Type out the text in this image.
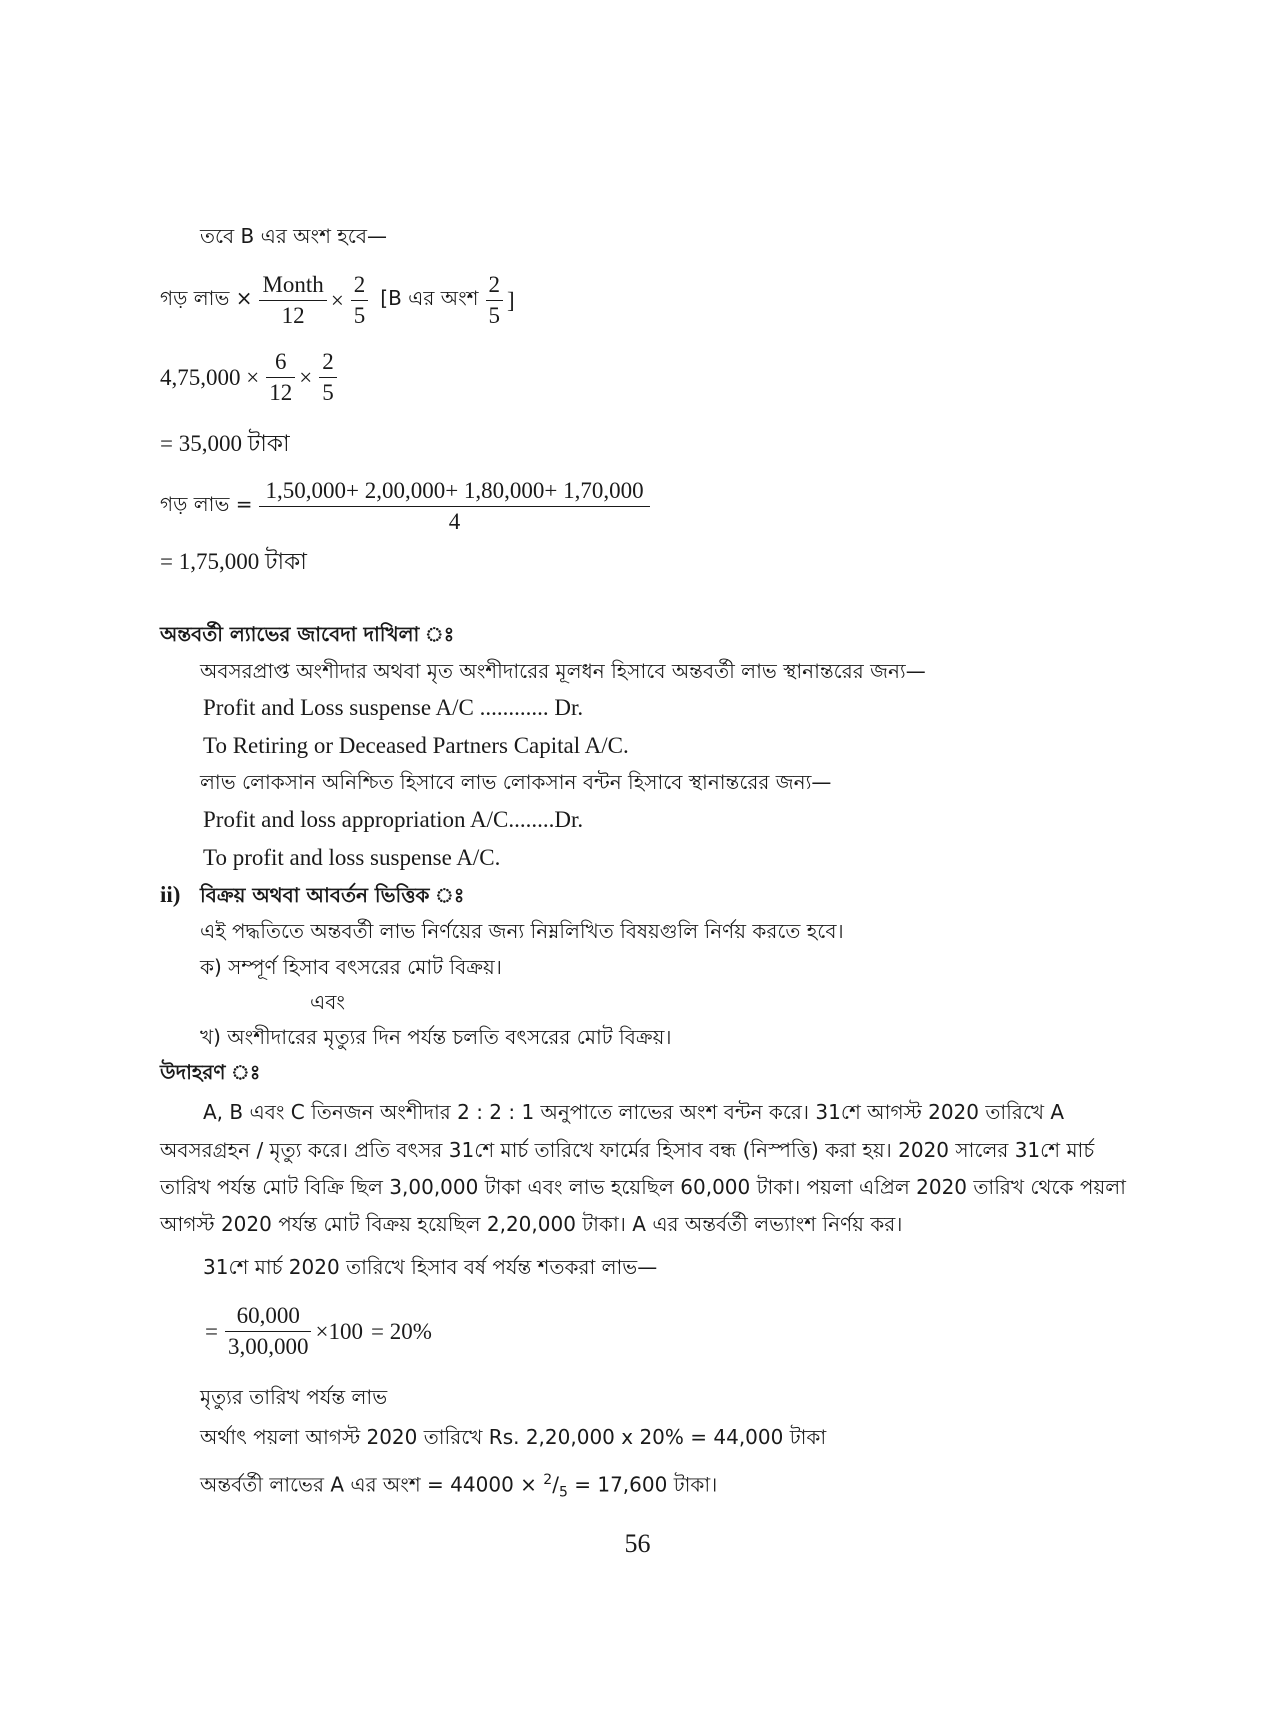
তবে B এর অংশ হবে—
গড় লাভ × $\frac{\text{Month}}{12} \times \frac{2}{5} [B$ এর অংশ $\frac{2}{5}$ ]
$4,75,000 \times \frac{6}{12} \times \frac{2}{5}$
= 35,000 টাকা
গড় লাভ = $\frac{1,50,000+ 2,00,000+ 1,80,000+ 1,70,000}{4}$
= 1,75,000 টাকা
অন্তবর্তী ল্যাভের জাবেদা দাখিলা ঃ
অবসরপ্রাপ্ত অংশীদার অথবা মৃত অংশীদারের মূলধন হিসাবে অন্তবর্তী লাভ স্থানান্তরের জন্য—
Profit and Loss suspense A/C ............ Dr.
To Retiring or Deceased Partners Capital A/C.
লাভ লোকসান অনিশ্চিত হিসাবে লাভ লোকসান বন্টন হিসাবে স্থানান্তরের জন্য—
Profit and loss appropriation A/C........Dr.
To profit and loss suspense A/C.
ii) বিক্রয় অথবা আবর্তন ভিত্তিক ঃ
এই পদ্ধতিতে অন্তবর্তী লাভ নির্ণয়ের জন্য নিম্নলিখিত বিষয়গুলি নির্ণয় করতে হবে।
ক) সম্পূর্ণ হিসাব বৎসরের মোট বিক্রয়।
এবং
খ) অংশীদারের মৃত্যুর দিন পর্যন্ত চলতি বৎসরের মোট বিক্রয়।
উদাহরণ ঃ
A, B এবং C তিনজন অংশীদার 2 : 2 : 1 অনুপাতে লাভের অংশ বন্টন করে। 31শে আগস্ট 2020 তারিখে A
অবসরগ্রহন / মৃত্যু করে। প্রতি বৎসর 31শে মার্চ তারিখে ফার্মের হিসাব বন্ধ (নিস্পত্তি) করা হয়। 2020 সালের 31শে মার্চ
তারিখ পর্যন্ত মোট বিক্রি ছিল 3,00,000 টাকা এবং লাভ হয়েছিল 60,000 টাকা। পয়লা এপ্রিল 2020 তারিখ থেকে পয়লা
আগস্ট 2020 পর্যন্ত মোট বিক্রয় হয়েছিল 2,20,000 টাকা। A এর অন্তর্বর্তী লভ্যাংশ নির্ণয় কর।
31শে মার্চ 2020 তারিখে হিসাব বর্ষ পর্যন্ত শতকরা লাভ—
= $\frac{60,000}{3,00,000} \times 100 = 20\%$
মৃত্যুর তারিখ পর্যন্ত লাভ
অর্থাৎ পয়লা আগস্ট 2020 তারিখে Rs. 2,20,000 x 20% = 44,000 টাকা
অন্তর্বর্তী লাভের A এর অংশ = $44000 \times ^2/_5 = 17,600$ টাকা।
56
